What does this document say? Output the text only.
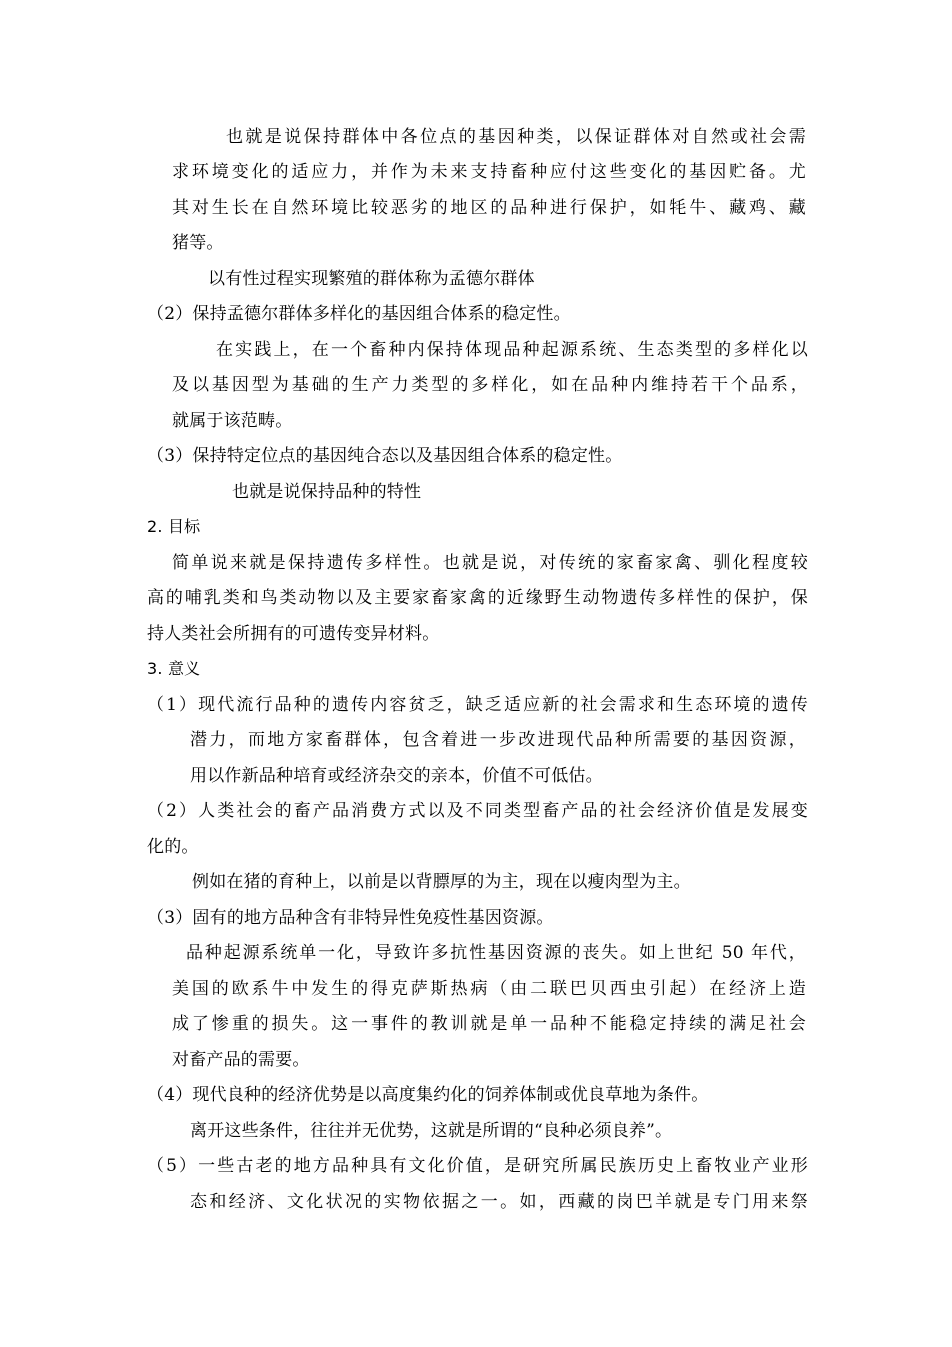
也就是说保持群体中各位点的基因种类，以保证群体对自然或社会需
求环境变化的适应力，并作为未来支持畜种应付这些变化的基因贮备。尤
其对生长在自然环境比较恶劣的地区的品种进行保护，如牦牛、藏鸡、藏
猪等。
以有性过程实现繁殖的群体称为孟德尔群体
（2）保持孟德尔群体多样化的基因组合体系的稳定性。
在实践上，在一个畜种内保持体现品种起源系统、生态类型的多样化以
及以基因型为基础的生产力类型的多样化，如在品种内维持若干个品系，
就属于该范畴。
（3）保持特定位点的基因纯合态以及基因组合体系的稳定性。
也就是说保持品种的特性
2. 目标
简单说来就是保持遗传多样性。也就是说，对传统的家畜家禽、驯化程度较
高的哺乳类和鸟类动物以及主要家畜家禽的近缘野生动物遗传多样性的保护，保
持人类社会所拥有的可遗传变异材料。
3. 意义
（1）现代流行品种的遗传内容贫乏，缺乏适应新的社会需求和生态环境的遗传
潜力，而地方家畜群体，包含着进一步改进现代品种所需要的基因资源，
用以作新品种培育或经济杂交的亲本，价值不可低估。
（2）人类社会的畜产品消费方式以及不同类型畜产品的社会经济价值是发展变
化的。
例如在猪的育种上，以前是以背膘厚的为主，现在以瘦肉型为主。
（3）固有的地方品种含有非特异性免疫性基因资源。
品种起源系统单一化，导致许多抗性基因资源的丧失。如上世纪 50 年代，
美国的欧系牛中发生的得克萨斯热病（由二联巴贝西虫引起）在经济上造
成了惨重的损失。这一事件的教训就是单一品种不能稳定持续的满足社会
对畜产品的需要。
（4）现代良种的经济优势是以高度集约化的饲养体制或优良草地为条件。
离开这些条件，往往并无优势，这就是所谓的“良种必须良养”。
（5）一些古老的地方品种具有文化价值，是研究所属民族历史上畜牧业产业形
态和经济、文化状况的实物依据之一。如，西藏的岗巴羊就是专门用来祭
